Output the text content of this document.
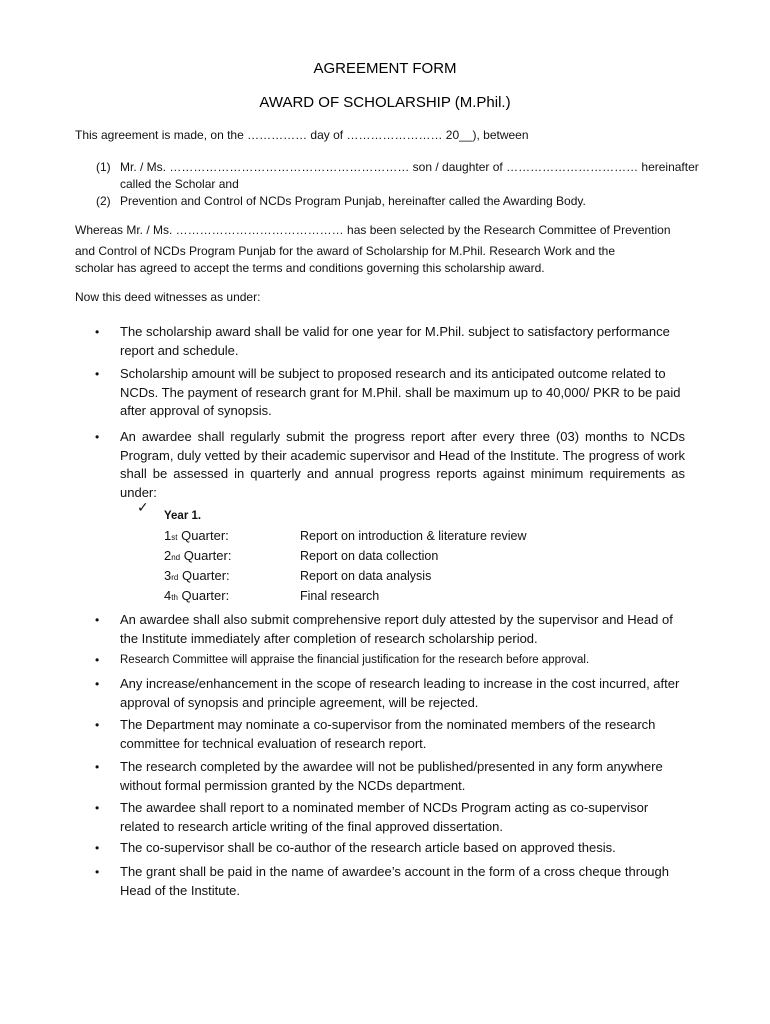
AGREEMENT FORM
AWARD OF SCHOLARSHIP (M.Phil.)
This agreement is made, on the …………… day of …………………… 20__), between
(1) Mr. / Ms. …………………………………………………… son / daughter of …………………………… hereinafter
called the Scholar and
(2) Prevention and Control of NCDs Program Punjab, hereinafter called the Awarding Body.
Whereas Mr. / Ms. …………………………………… has been selected by the Research Committee of Prevention
and Control of NCDs Program Punjab for the award of Scholarship for M.Phil. Research Work and the
scholar has agreed to accept the terms and conditions governing this scholarship award.
Now this deed witnesses as under:
• The scholarship award shall be valid for one year for M.Phil. subject to satisfactory performance report and schedule.
• Scholarship amount will be subject to proposed research and its anticipated outcome related to NCDs. The payment of research grant for M.Phil. shall be maximum up to 40,000/ PKR to be paid after approval of synopsis.
• An awardee shall regularly submit the progress report after every three (03) months to NCDs Program, duly vetted by their academic supervisor and Head of the Institute. The progress of work shall be assessed in quarterly and annual progress reports against minimum requirements as under:
✓
Year 1.
1st Quarter:	Report on introduction & literature review
2nd Quarter:	Report on data collection
3rd Quarter:	Report on data analysis
4th Quarter:	Final research
• An awardee shall also submit comprehensive report duly attested by the supervisor and Head of the Institute immediately after completion of research scholarship period.
• Research Committee will appraise the financial justification for the research before approval.
• Any increase/enhancement in the scope of research leading to increase in the cost incurred, after approval of synopsis and principle agreement, will be rejected.
• The Department may nominate a co-supervisor from the nominated members of the research committee for technical evaluation of research report.
• The research completed by the awardee will not be published/presented in any form anywhere without formal permission granted by the NCDs department.
• The awardee shall report to a nominated member of NCDs Program acting as co-supervisor related to research article writing of the final approved dissertation.
• The co-supervisor shall be co-author of the research article based on approved thesis.
• The grant shall be paid in the name of awardee’s account in the form of a cross cheque through Head of the Institute.
